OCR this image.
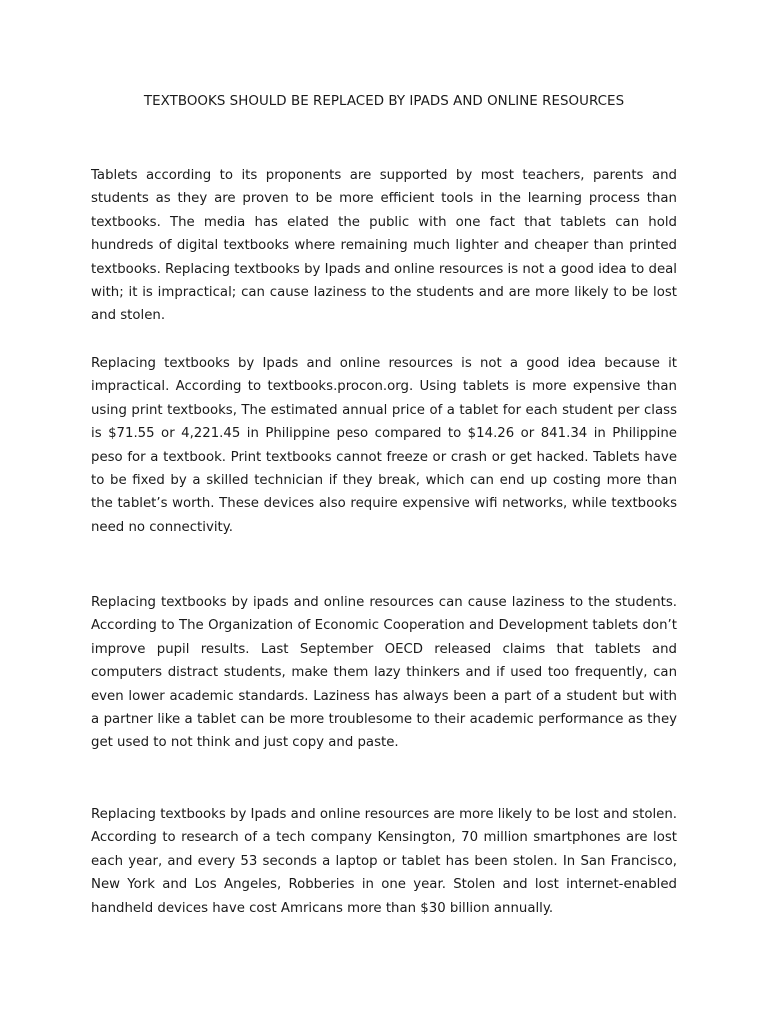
TEXTBOOKS SHOULD BE REPLACED BY IPADS AND ONLINE RESOURCES

Tablets according to its proponents are supported by most teachers, parents and students as they are proven to be more efficient tools in the learning process than textbooks. The media has elated the public with one fact that tablets can hold hundreds of digital textbooks where remaining much lighter and cheaper than printed textbooks. Replacing textbooks by Ipads and online resources is not a good idea to deal with; it is impractical; can cause laziness to the students and are more likely to be lost and stolen.

Replacing textbooks by Ipads and online resources is not a good idea because it impractical. According to textbooks.procon.org. Using tablets is more expensive than using print textbooks, The estimated annual price of a tablet for each student per class is $71.55 or 4,221.45 in Philippine peso compared to $14.26 or 841.34 in Philippine peso for a textbook. Print textbooks cannot freeze or crash or get hacked. Tablets have to be fixed by a skilled technician if they break, which can end up costing more than the tablet’s worth. These devices also require expensive wifi networks, while textbooks need no connectivity.

Replacing textbooks by ipads and online resources can cause laziness to the students. According to The Organization of Economic Cooperation and Development tablets don’t improve pupil results. Last September OECD released claims that tablets and computers distract students, make them lazy thinkers and if used too frequently, can even lower academic standards. Laziness has always been a part of a student but with a partner like a tablet can be more troublesome to their academic performance as they get used to not think and just copy and paste.

Replacing textbooks by Ipads and online resources are more likely to be lost and stolen. According to research of a tech company Kensington, 70 million smartphones are lost each year, and every 53 seconds a laptop or tablet has been stolen. In San Francisco, New York and Los Angeles, Robberies in one year. Stolen and lost internet-enabled handheld devices have cost Amricans more than $30 billion annually.
